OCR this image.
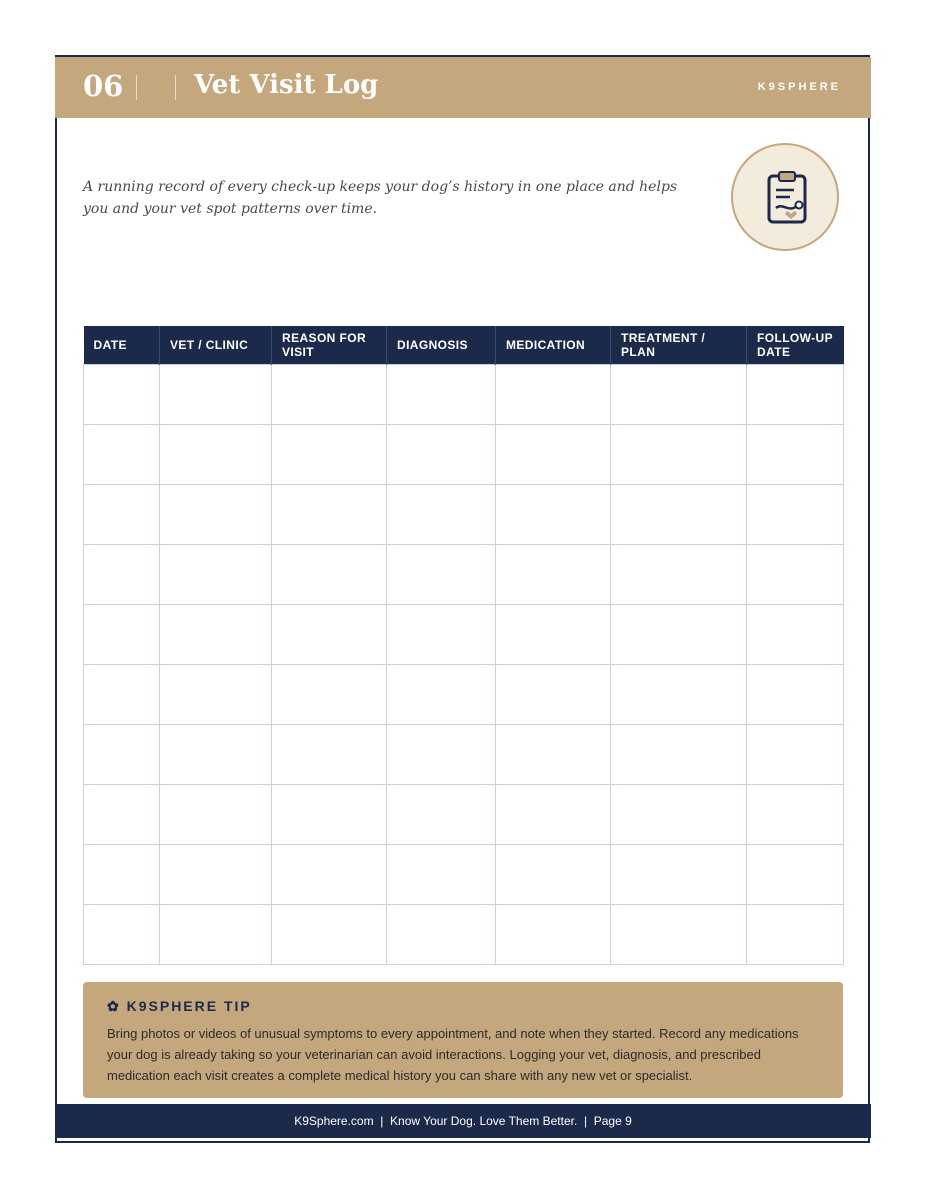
06	Vet Visit Log	K9SPHERE

A running record of every check-up keeps your dog’s history in one place and helps you and your vet spot patterns over time.

DATE	VET / CLINIC	REASON FOR VISIT	DIAGNOSIS	MEDICATION	TREATMENT / PLAN	FOLLOW-UP DATE

✿ K9SPHERE TIP

Bring photos or videos of unusual symptoms to every appointment, and note when they started. Record any medications your dog is already taking so your veterinarian can avoid interactions. Logging your vet, diagnosis, and prescribed medication each visit creates a complete medical history you can share with any new vet or specialist.

K9Sphere.com  |  Know Your Dog. Love Them Better.  |  Page 9
